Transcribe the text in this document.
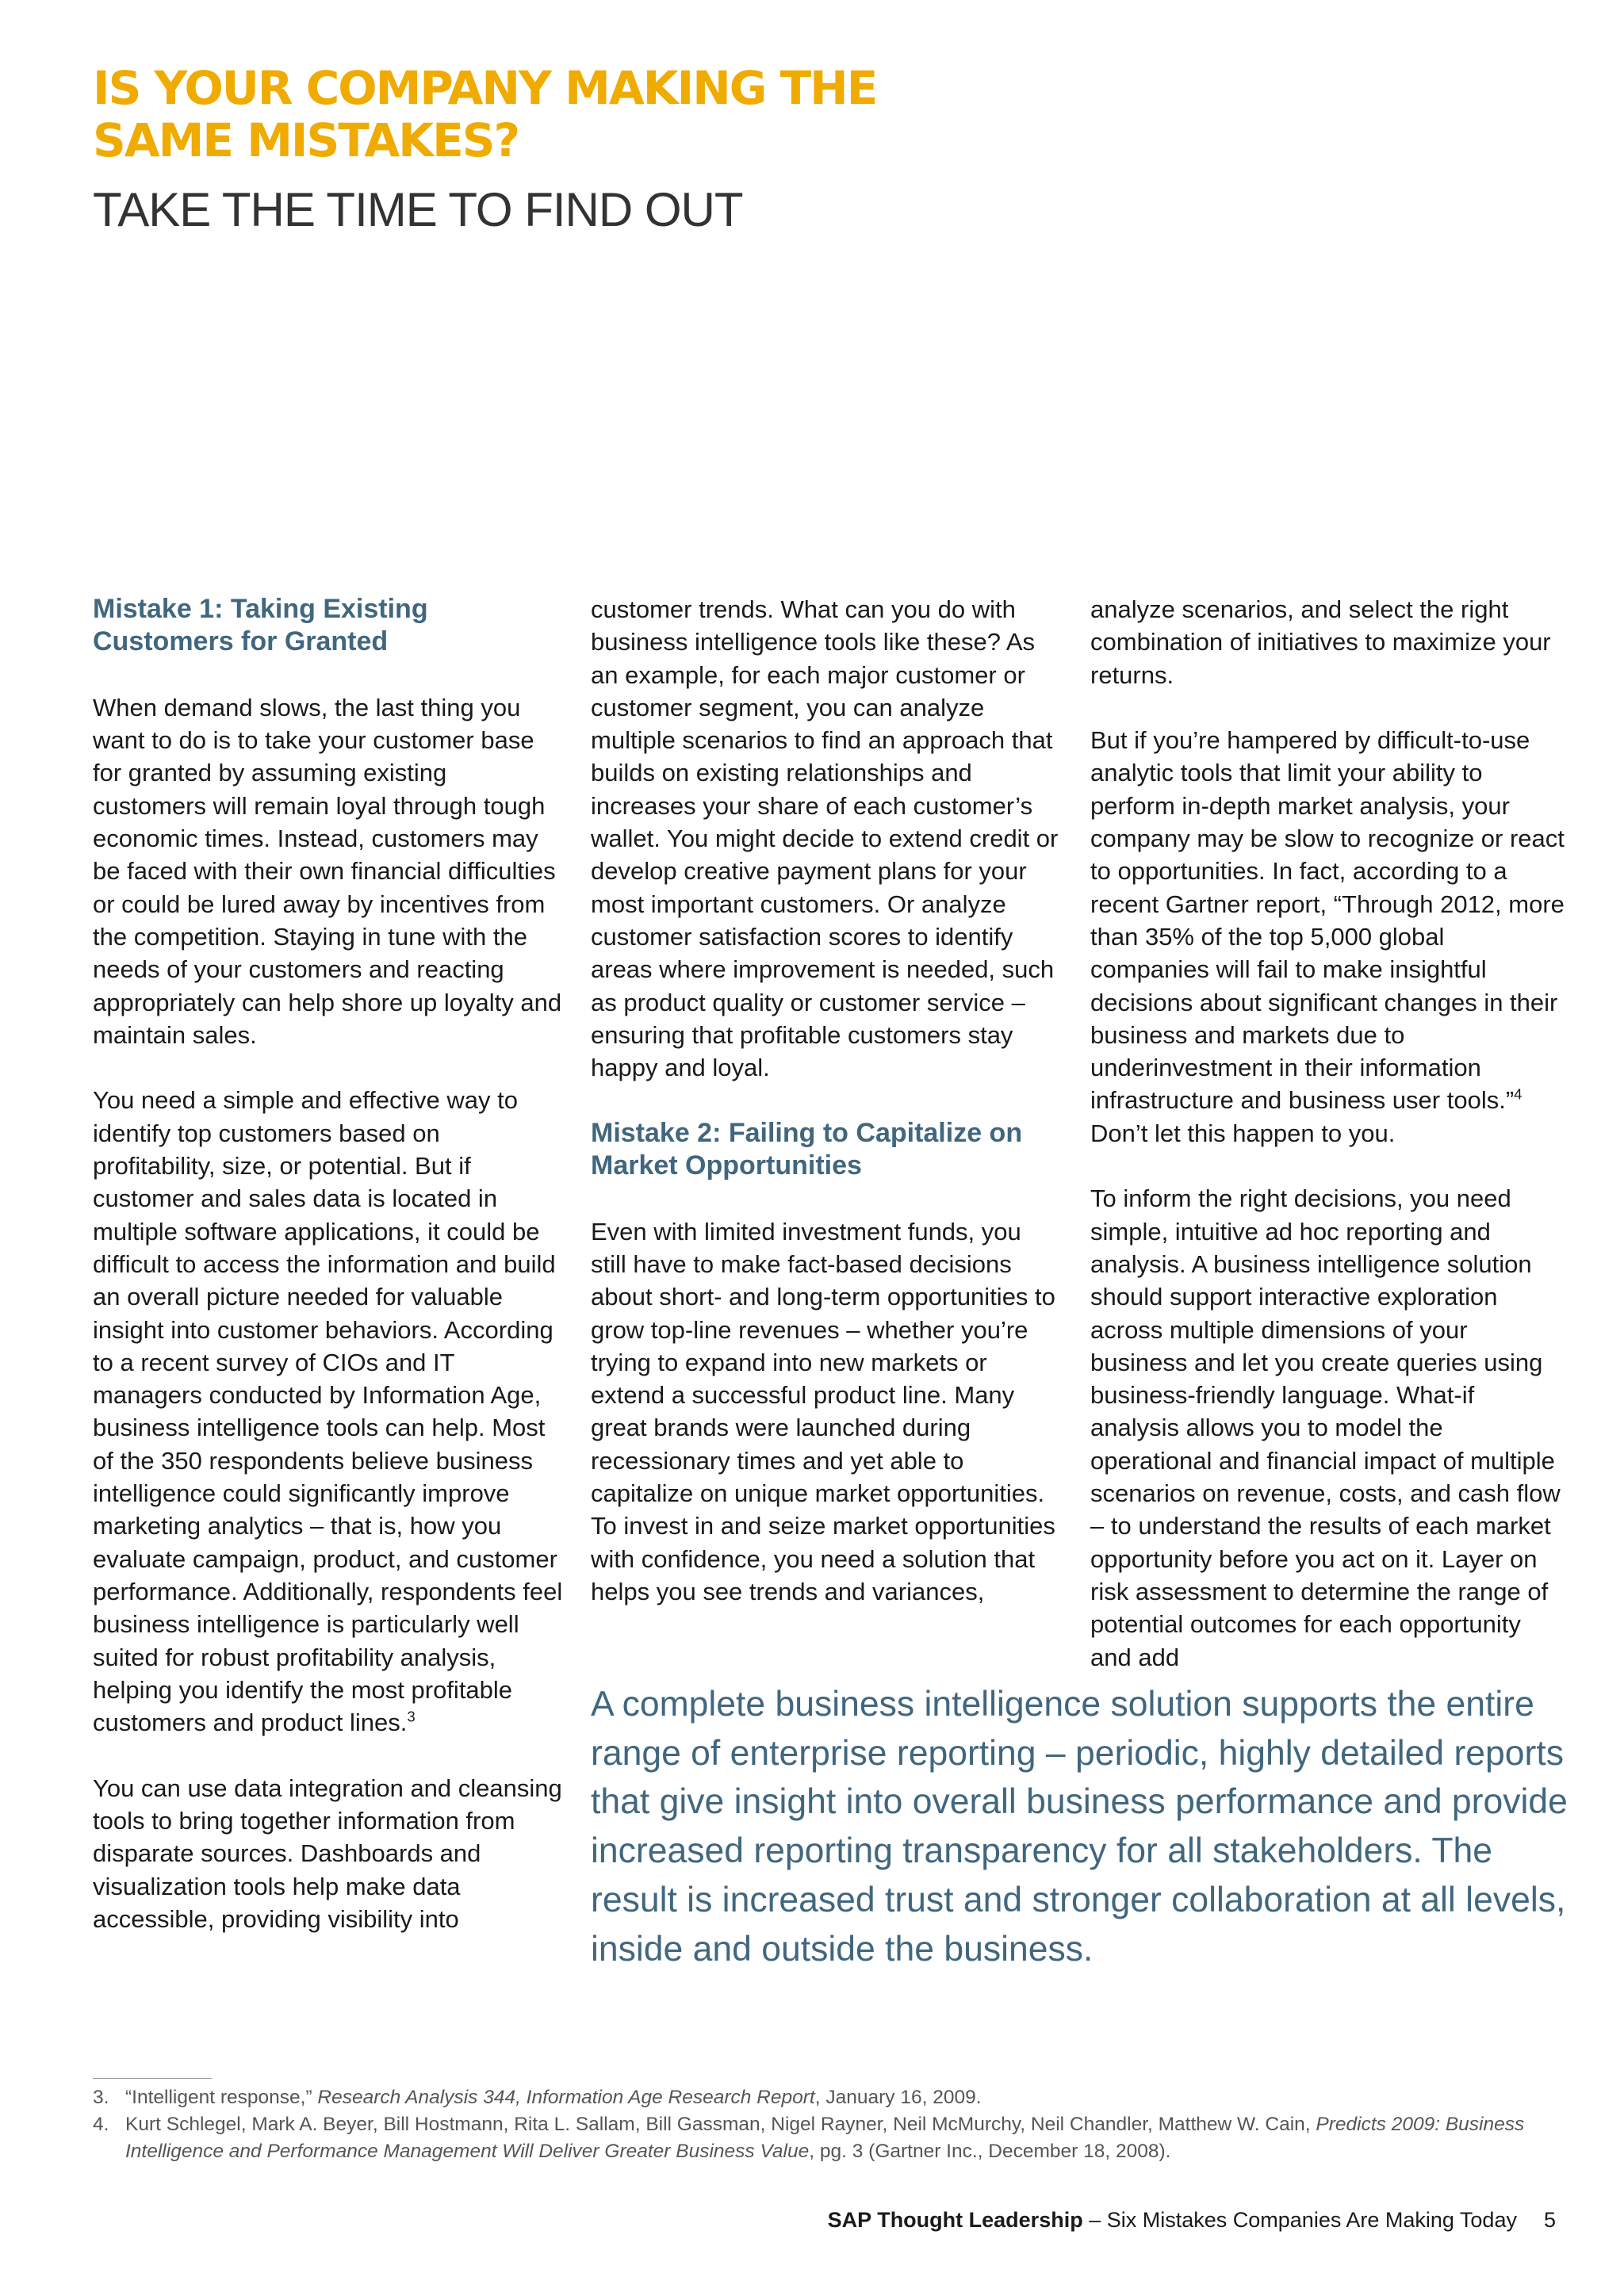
IS YOUR COMPANY MAKING THE
SAME MISTAKES?
TAKE THE TIME TO FIND OUT
Mistake 1: Taking Existing
Customers for Granted

When demand slows, the last thing you want to do is to take your customer base for granted by assuming existing customers will remain loyal through tough economic times. Instead, customers may be faced with their own financial difficulties or could be lured away by incentives from the competition. Staying in tune with the needs of your customers and reacting appropriately can help shore up loyalty and maintain sales.

You need a simple and effective way to identify top customers based on profitability, size, or potential. But if customer and sales data is located in multiple software applications, it could be difficult to access the information and build an overall picture needed for valuable insight into customer behaviors. According to a recent survey of CIOs and IT managers conducted by Information Age, business intelligence tools can help. Most of the 350 respondents believe business intelligence could significantly improve marketing analytics – that is, how you evaluate campaign, product, and customer performance. Additionally, respondents feel business intelligence is particularly well suited for robust profitability analysis, helping you identify the most profitable customers and product lines.$^3$

You can use data integration and cleansing tools to bring together information from disparate sources. Dashboards and visualization tools help make data accessible, providing visibility into

customer trends. What can you do with business intelligence tools like these? As an example, for each major customer or customer segment, you can analyze multiple scenarios to find an approach that builds on existing relationships and increases your share of each customer’s wallet. You might decide to extend credit or develop creative payment plans for your most important customers. Or analyze customer satisfaction scores to identify areas where improvement is needed, such as product quality or customer service – ensuring that profitable customers stay happy and loyal.

Mistake 2: Failing to Capitalize on
Market Opportunities

Even with limited investment funds, you still have to make fact-based decisions about short- and long-term opportunities to grow top-line revenues – whether you’re trying to expand into new markets or extend a successful product line. Many great brands were launched during recessionary times and yet able to capitalize on unique market opportunities. To invest in and seize market opportunities with confidence, you need a solution that helps you see trends and variances,

analyze scenarios, and select the right combination of initiatives to maximize your returns.

But if you’re hampered by difficult-to-use analytic tools that limit your ability to perform in-depth market analysis, your company may be slow to recognize or react to opportunities. In fact, according to a recent Gartner report, “Through 2012, more than 35% of the top 5,000 global companies will fail to make insightful decisions about significant changes in their business and markets due to underinvestment in their information infrastructure and business user tools.”$^4$  Don’t let this happen to you.

To inform the right decisions, you need simple, intuitive ad hoc reporting and analysis. A business intelligence solution should support interactive exploration across multiple dimensions of your business and let you create queries using business-friendly language. What-if analysis allows you to model the operational and financial impact of multiple scenarios on revenue, costs, and cash flow – to understand the results of each market opportunity before you act on it. Layer on risk assessment to determine the range of potential outcomes for each opportunity and add

A complete business intelligence solution supports the entire range of enterprise reporting – periodic, highly detailed reports that give insight into overall business performance and provide increased reporting transparency for all stakeholders. The result is increased trust and stronger collaboration at all levels, inside and outside the business.

3. “Intelligent response,” Research Analysis 344, Information Age Research Report, January 16, 2009.
4. Kurt Schlegel, Mark A. Beyer, Bill Hostmann, Rita L. Sallam, Bill Gassman, Nigel Rayner, Neil McMurchy, Neil Chandler, Matthew W. Cain, Predicts 2009: Business Intelligence and Performance Management Will Deliver Greater Business Value, pg. 3 (Gartner Inc., December 18, 2008).
SAP Thought Leadership – Six Mistakes Companies Are Making Today 5
